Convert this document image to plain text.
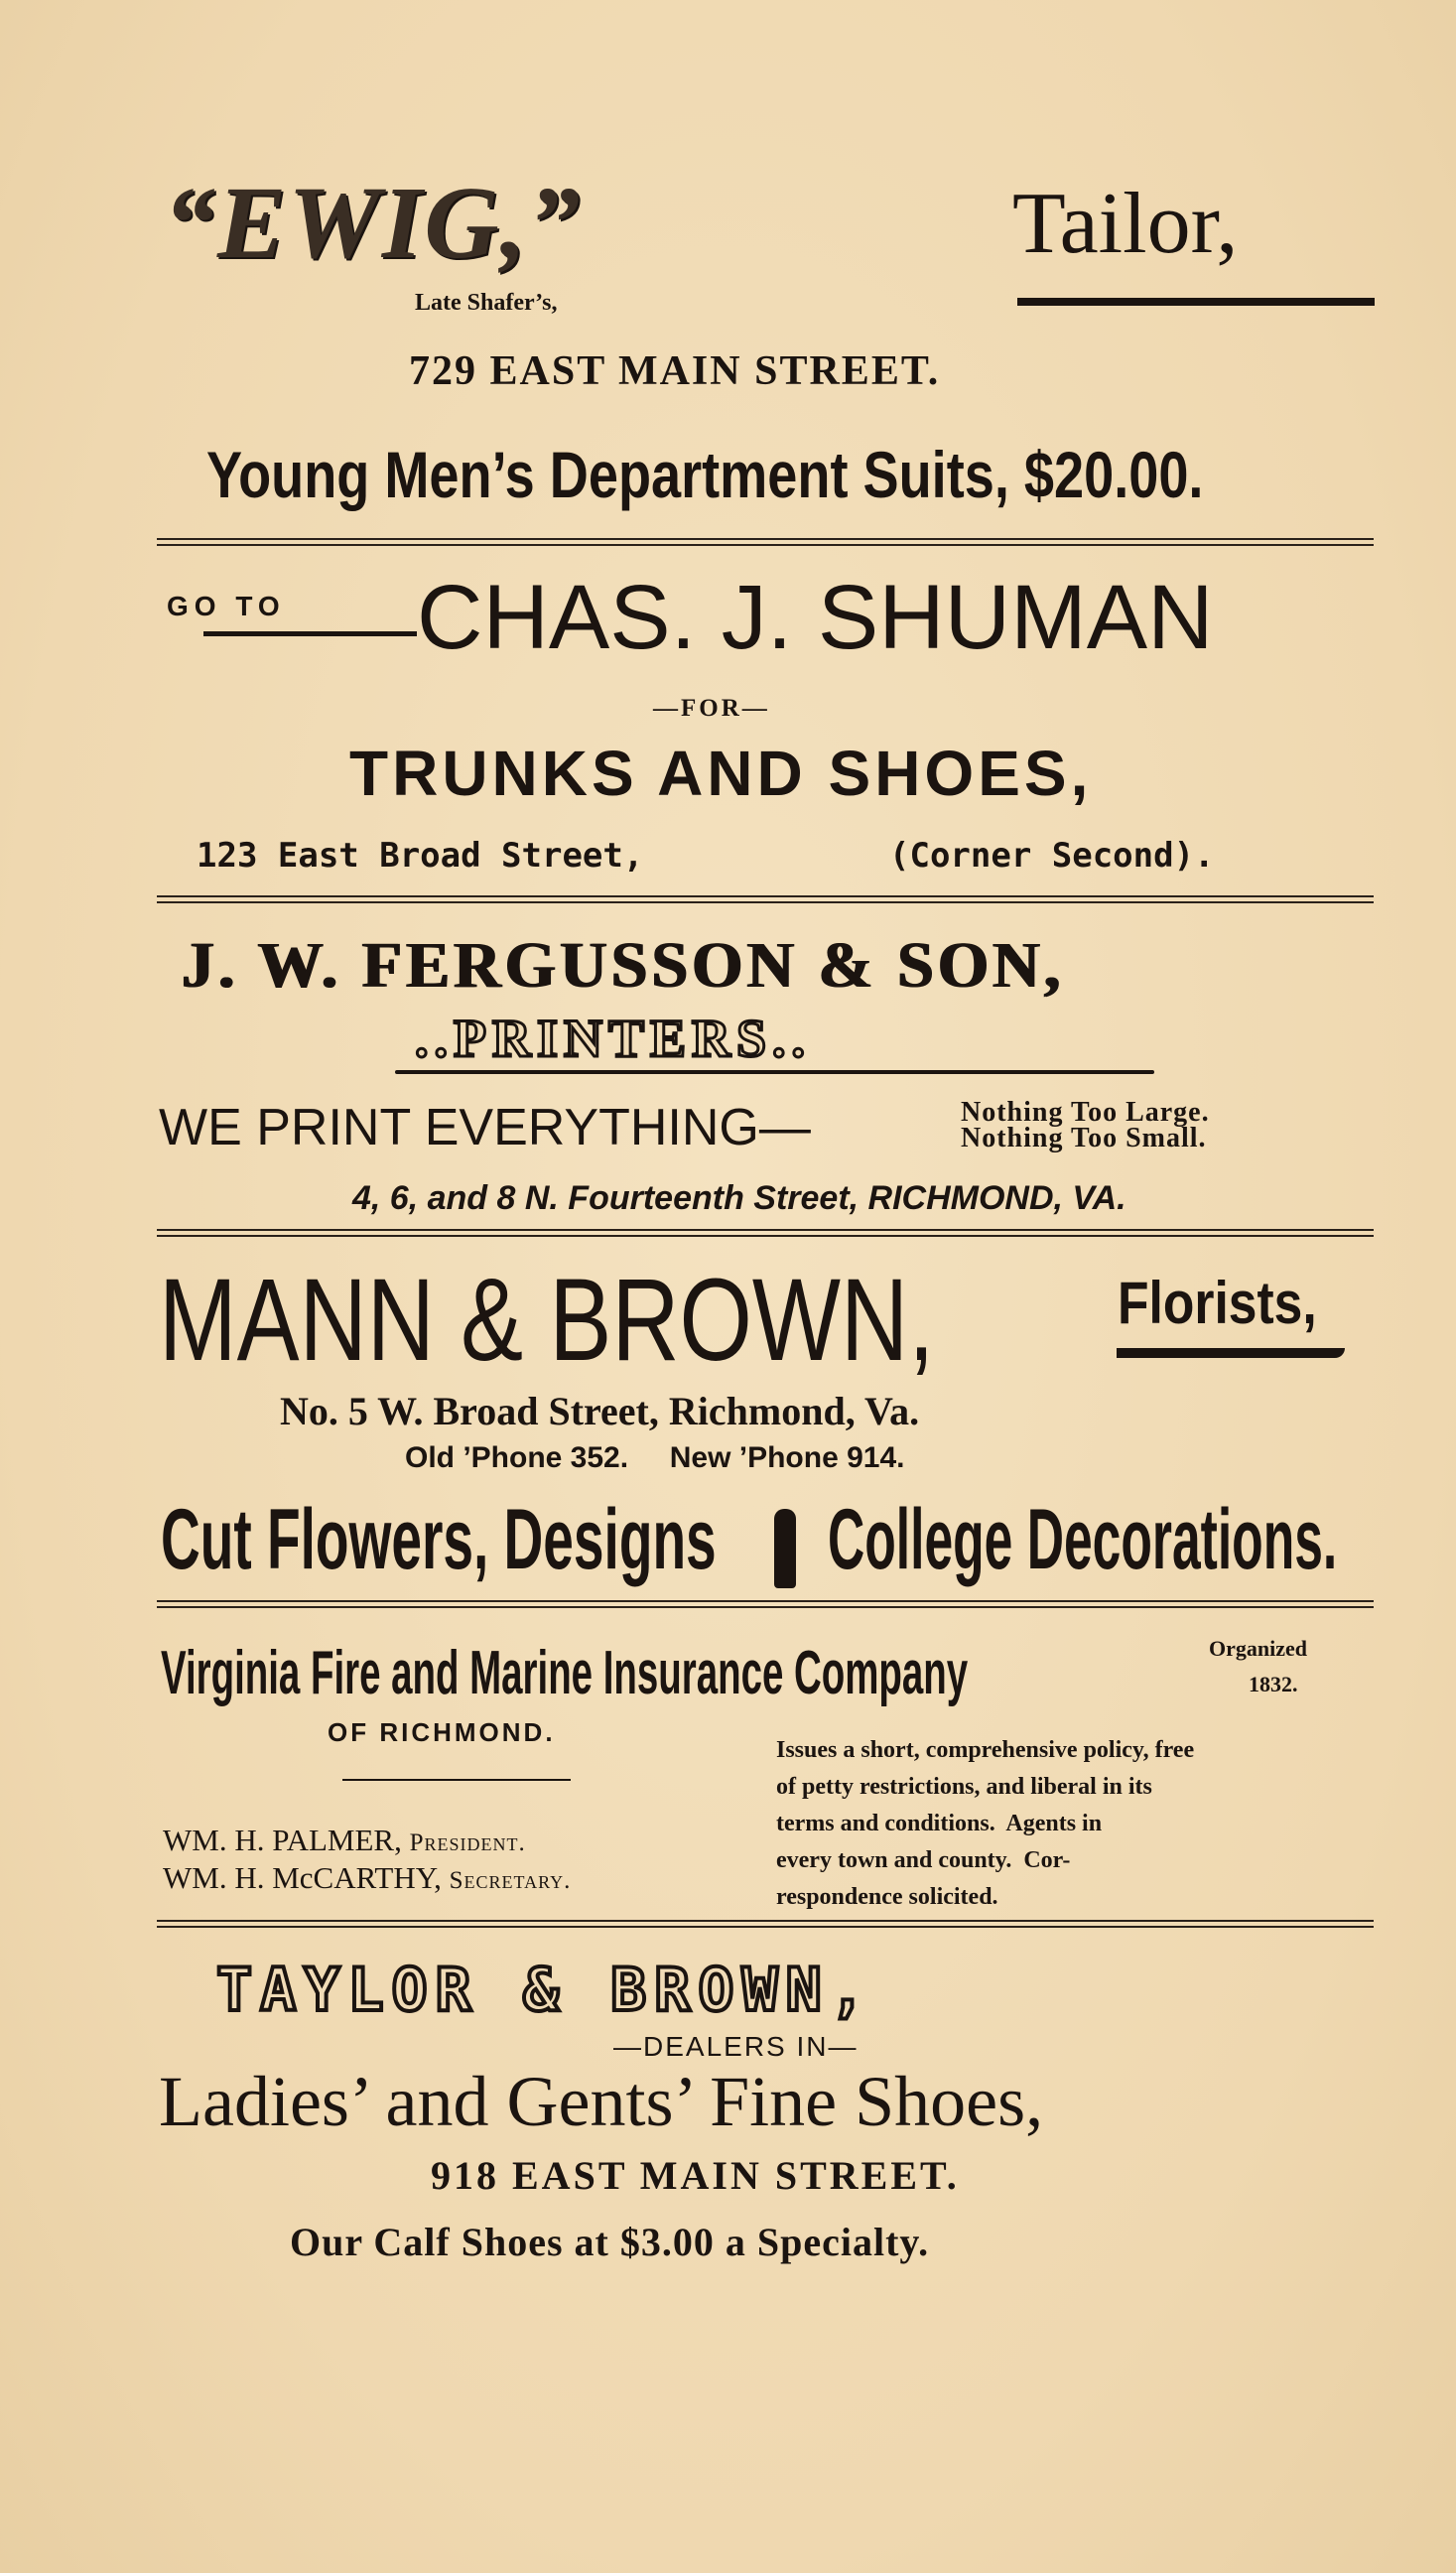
“EWIG,”	Tailor,
Late Shafer’s,
729 EAST MAIN STREET.
Young Men’s Department Suits, $20.00.
GO TO CHAS. J. SHUMAN
—FOR—
TRUNKS AND SHOES,
123 East Broad Street,	(Corner Second).
J. W. FERGUSSON & SON,
..PRINTERS..
WE PRINT EVERYTHING—	Nothing Too Large.
Nothing Too Small.
4, 6, and 8 N. Fourteenth Street, RICHMOND, VA.
MANN & BROWN,	Florists,
No. 5 W. Broad Street, Richmond, Va.
Old ’Phone 352.     New ’Phone 914.
Cut Flowers, Designs College Decorations.
Virginia Fire and Marine Insurance Company	Organized
1832.
OF RICHMOND.
WM. H. PALMER, President.
WM. H. McCARTHY, Secretary.
Issues a short, comprehensive policy, free
of petty restrictions, and liberal in its
terms and conditions.  Agents in
every town and county.  Cor-
respondence solicited.
TAYLOR & BROWN,
—DEALERS IN—
Ladies’ and Gents’ Fine Shoes,
918 EAST MAIN STREET.
Our Calf Shoes at $3.00 a Specialty.
